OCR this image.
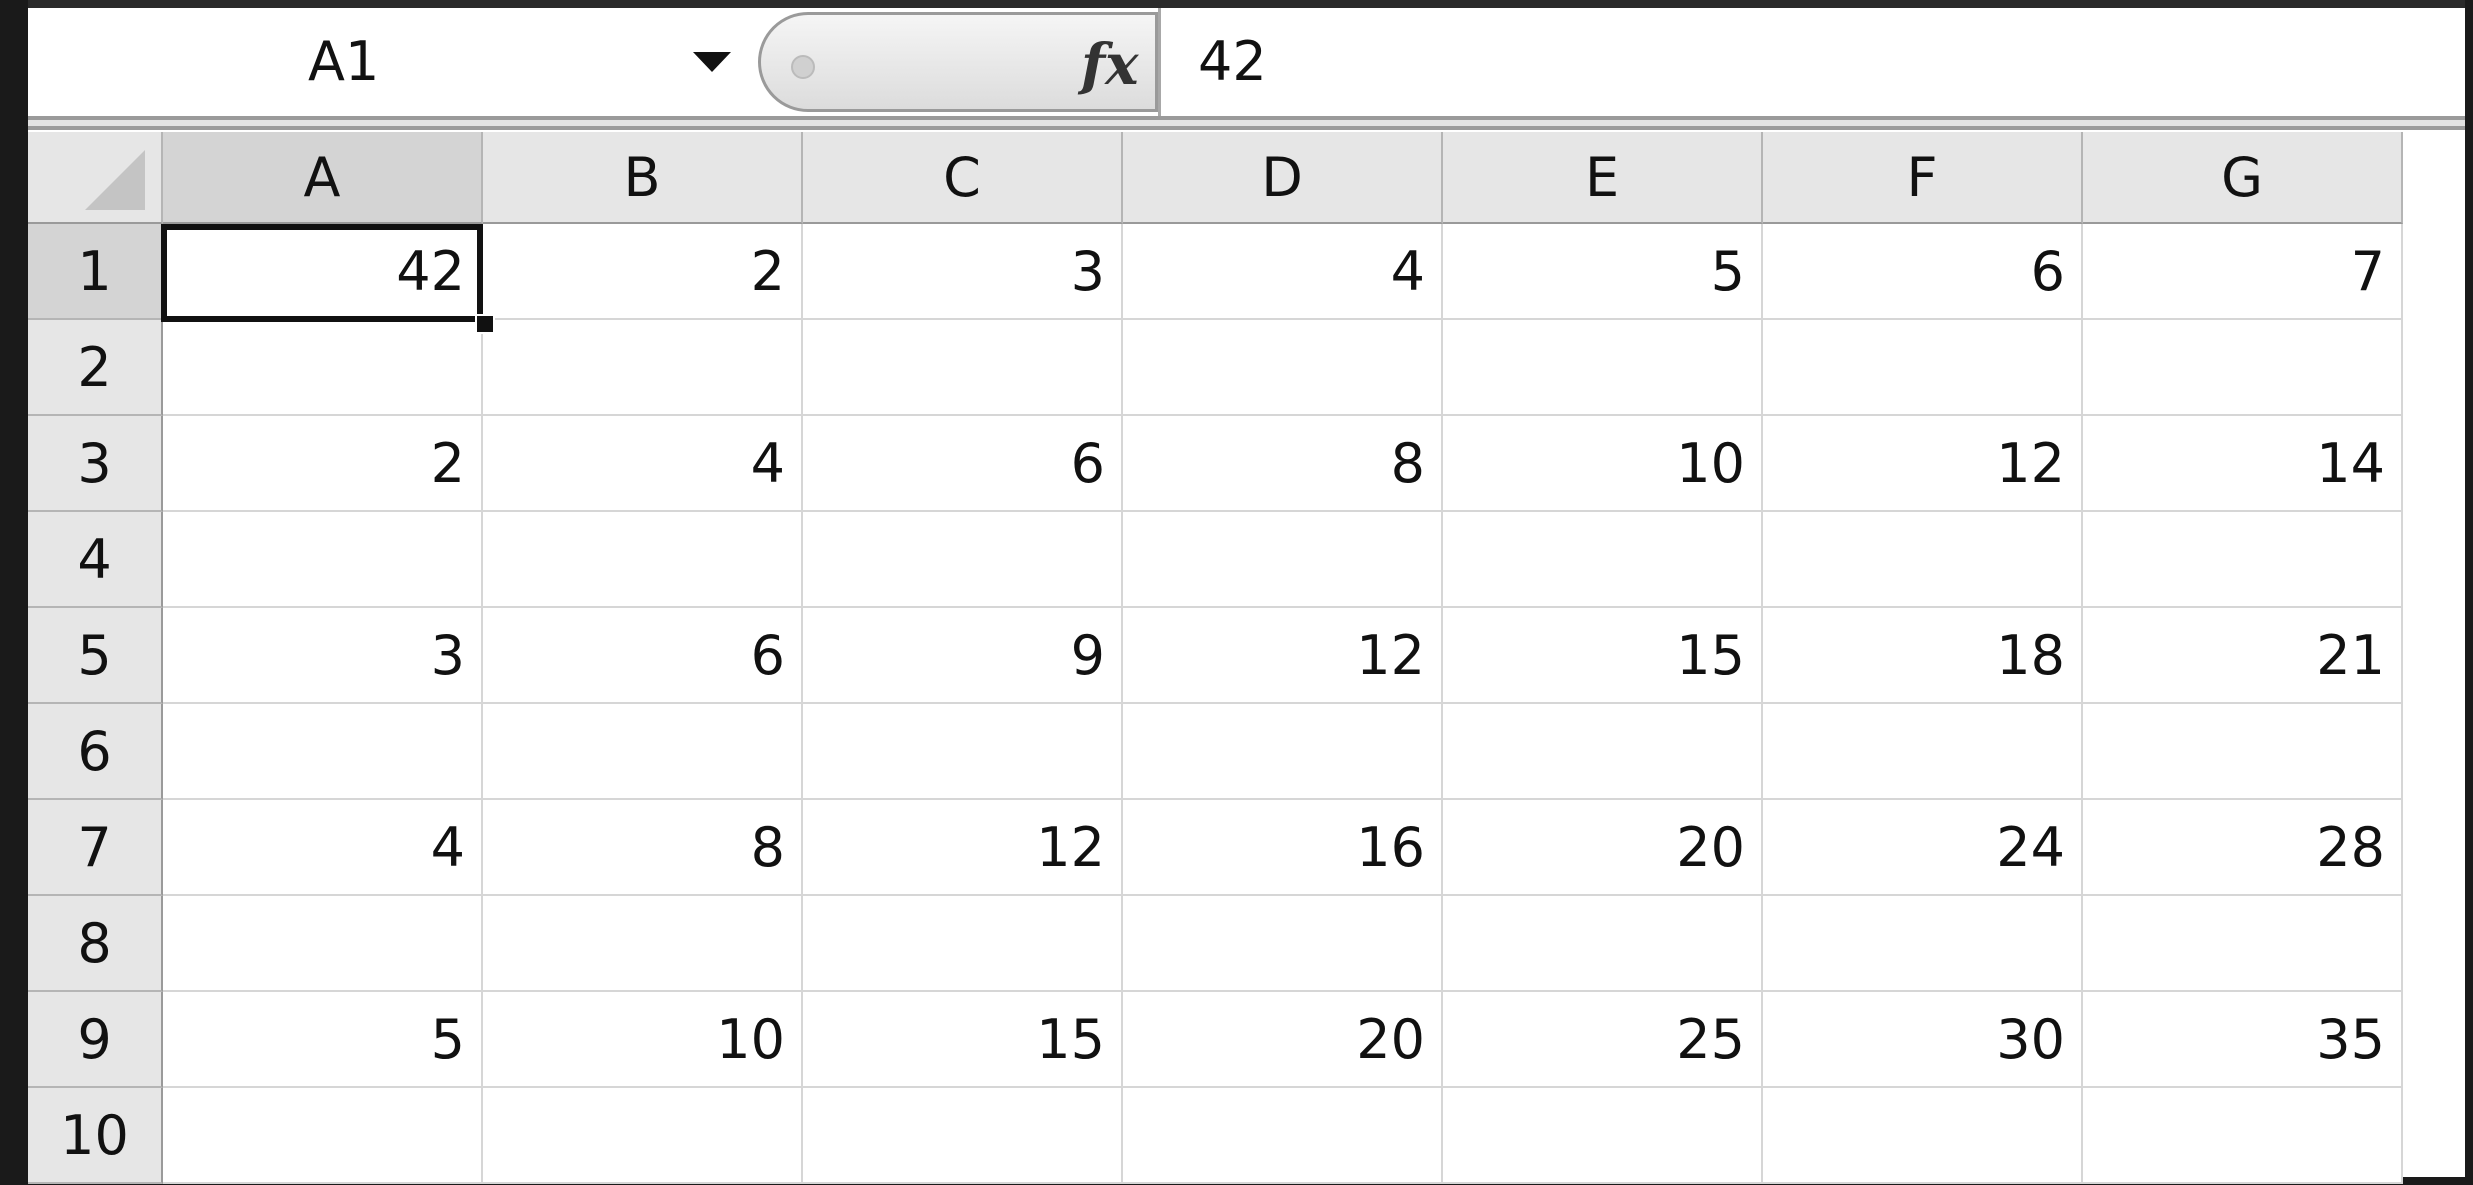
A1	fx 42
A	B	C	D	E	F	G
1	42	2	3	4	5	6	7
2
3	2	4	6	8	10	12	14
4
5	3	6	9	12	15	18	21
6
7	4	8	12	16	20	24	28
8
9	5	10	15	20	25	30	35
10
